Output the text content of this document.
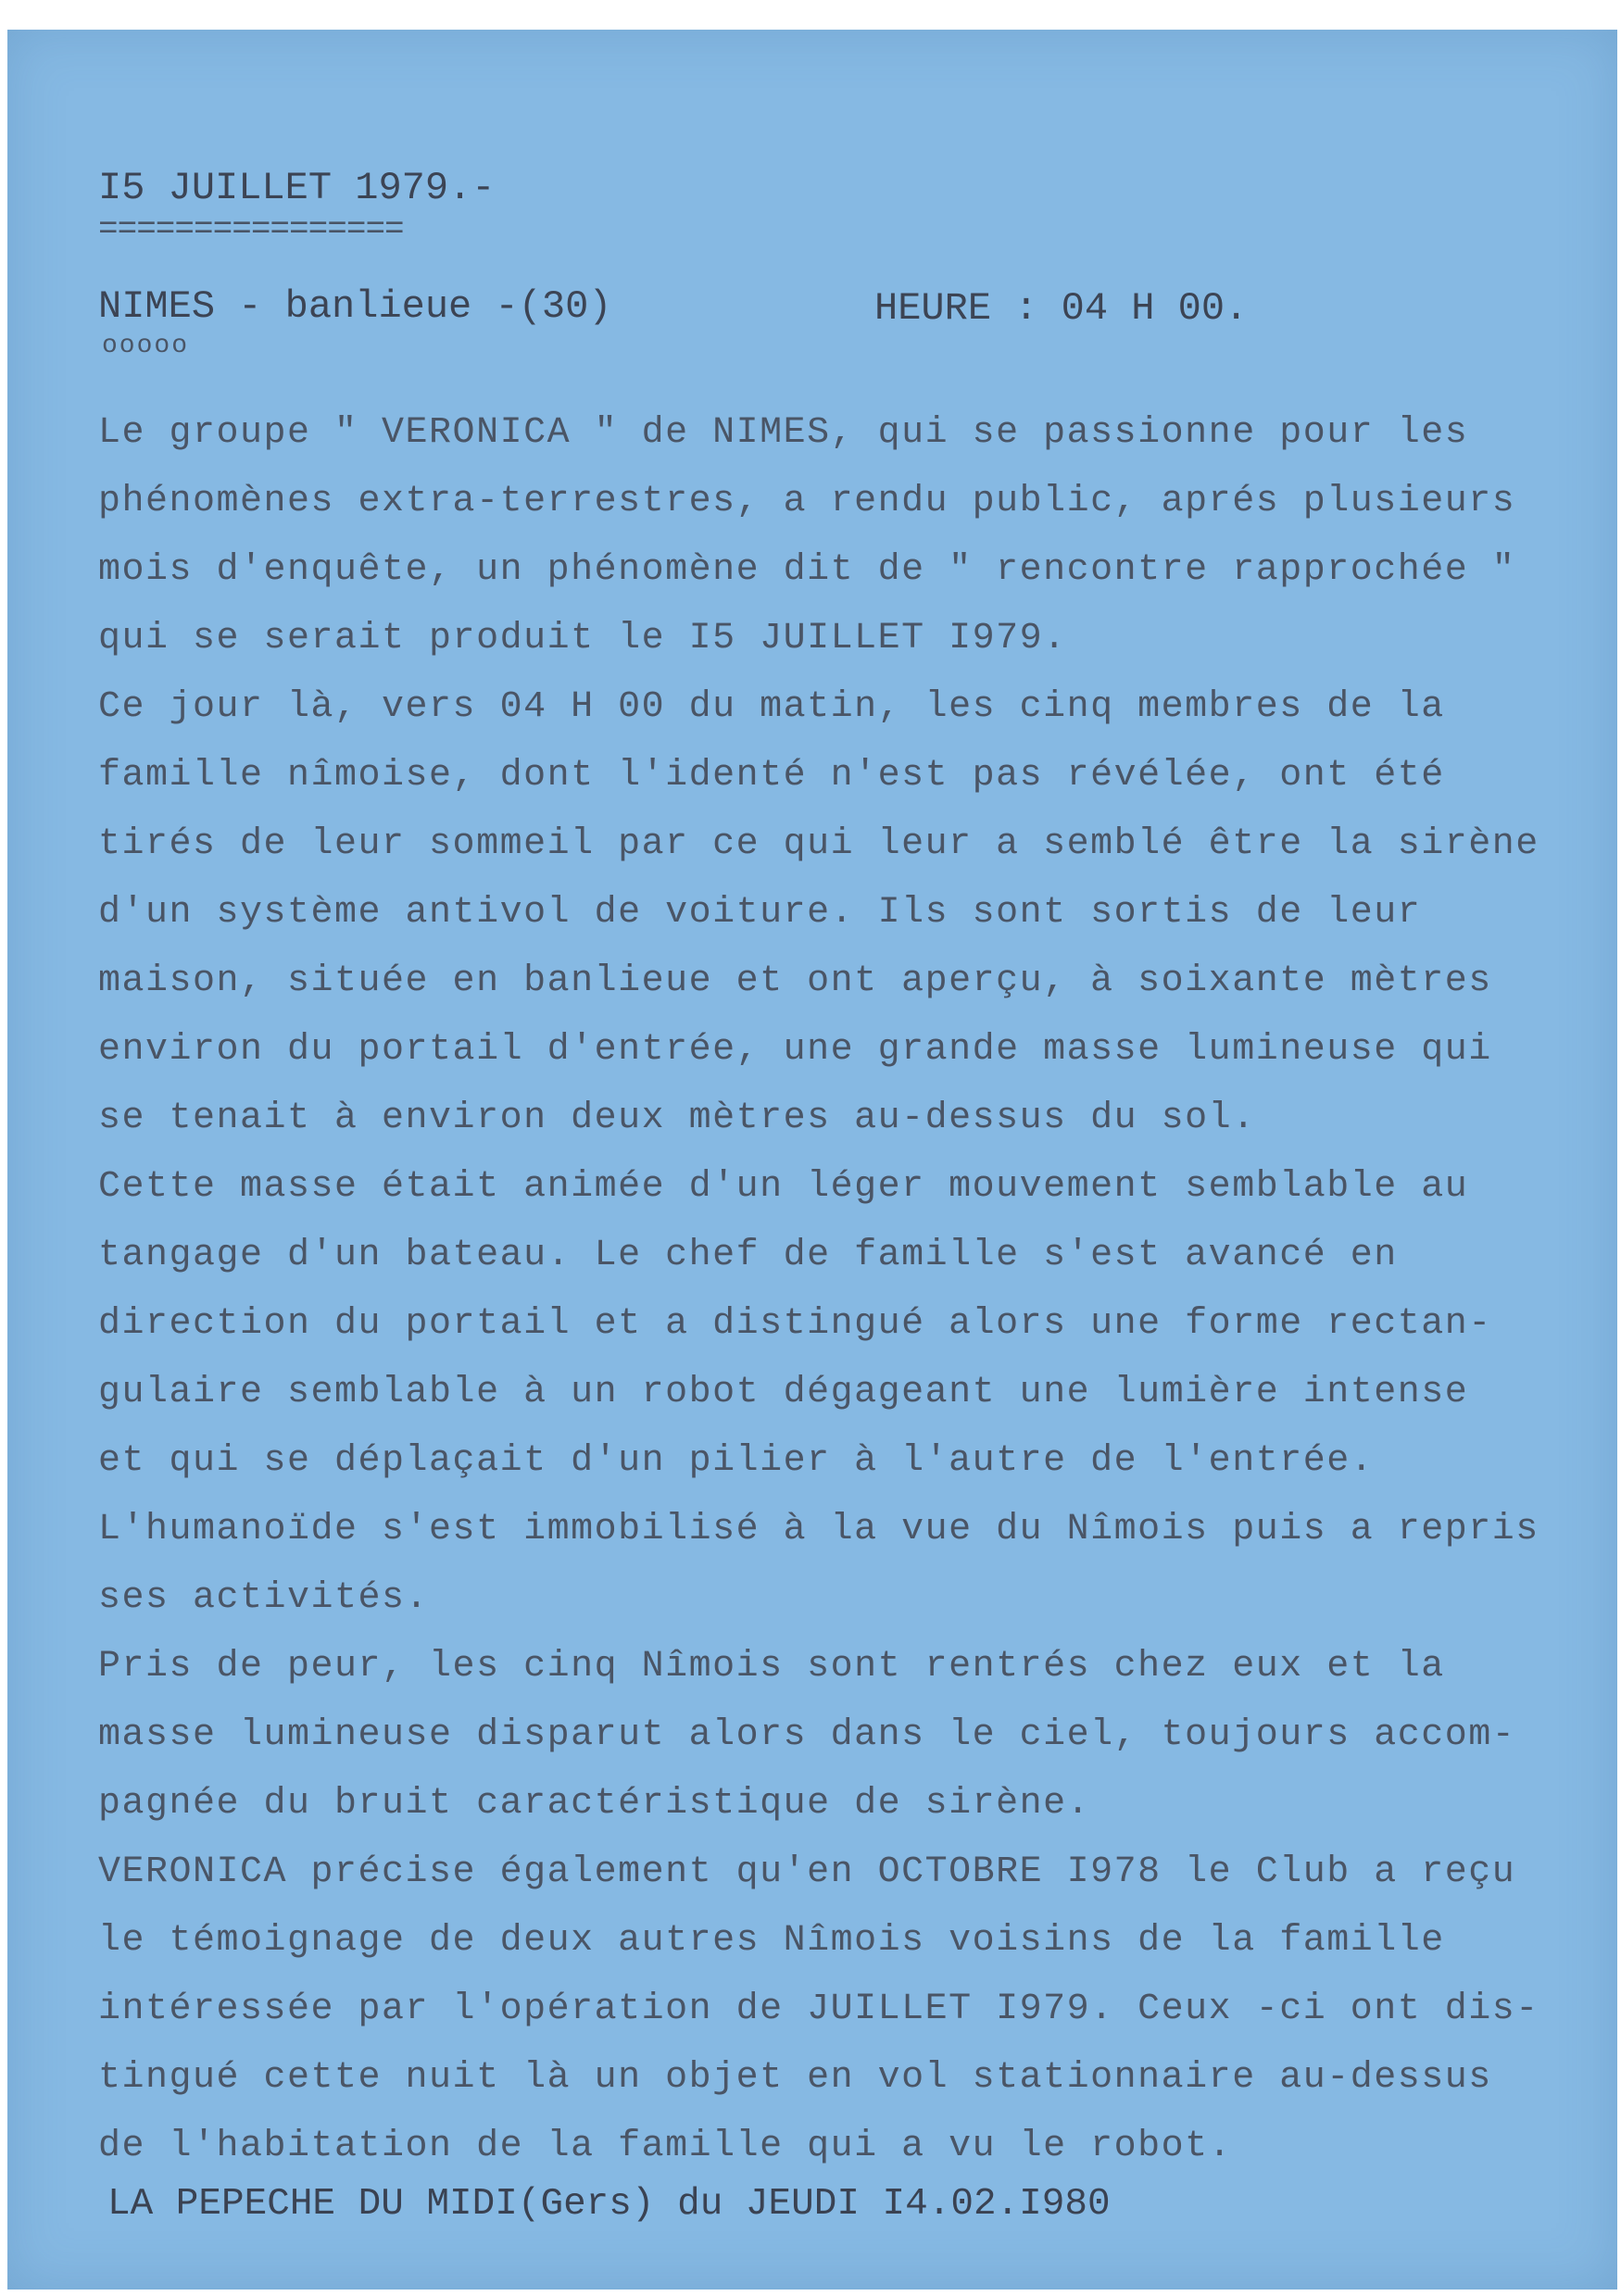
I5 JUILLET 1979.-
================
NIMES - banlieue -(30)
ooooo
HEURE : 04 H 00.
Le groupe " VERONICA " de NIMES, qui se passionne pour les
phénomènes extra-terrestres, a rendu public, aprés plusieurs
mois d'enquête, un phénomène dit de " rencontre rapprochée "
qui se serait produit le I5 JUILLET I979.
Ce jour là, vers 04 H 00 du matin, les cinq membres de la
famille nîmoise, dont l'identé n'est pas révélée, ont été
tirés de leur sommeil par ce qui leur a semblé être la sirène
d'un système antivol de voiture. Ils sont sortis de leur
maison, située en banlieue et ont aperçu, à soixante mètres
environ du portail d'entrée, une grande masse lumineuse qui
se tenait à environ deux mètres au-dessus du sol.
Cette masse était animée d'un léger mouvement semblable au
tangage d'un bateau. Le chef de famille s'est avancé en
direction du portail et a distingué alors une forme rectan-
gulaire semblable à un robot dégageant une lumière intense
et qui se déplaçait d'un pilier à l'autre de l'entrée.
L'humanoïde s'est immobilisé à la vue du Nîmois puis a repris
ses activités.
Pris de peur, les cinq Nîmois sont rentrés chez eux et la
masse lumineuse disparut alors dans le ciel, toujours accom-
pagnée du bruit caractéristique de sirène.
VERONICA précise également qu'en OCTOBRE I978 le Club a reçu
le témoignage de deux autres Nîmois voisins de la famille
intéressée par l'opération de JUILLET I979. Ceux -ci ont dis-
tingué cette nuit là un objet en vol stationnaire au-dessus
de l'habitation de la famille qui a vu le robot.
LA PEPECHE DU MIDI(Gers) du JEUDI I4.02.I980
